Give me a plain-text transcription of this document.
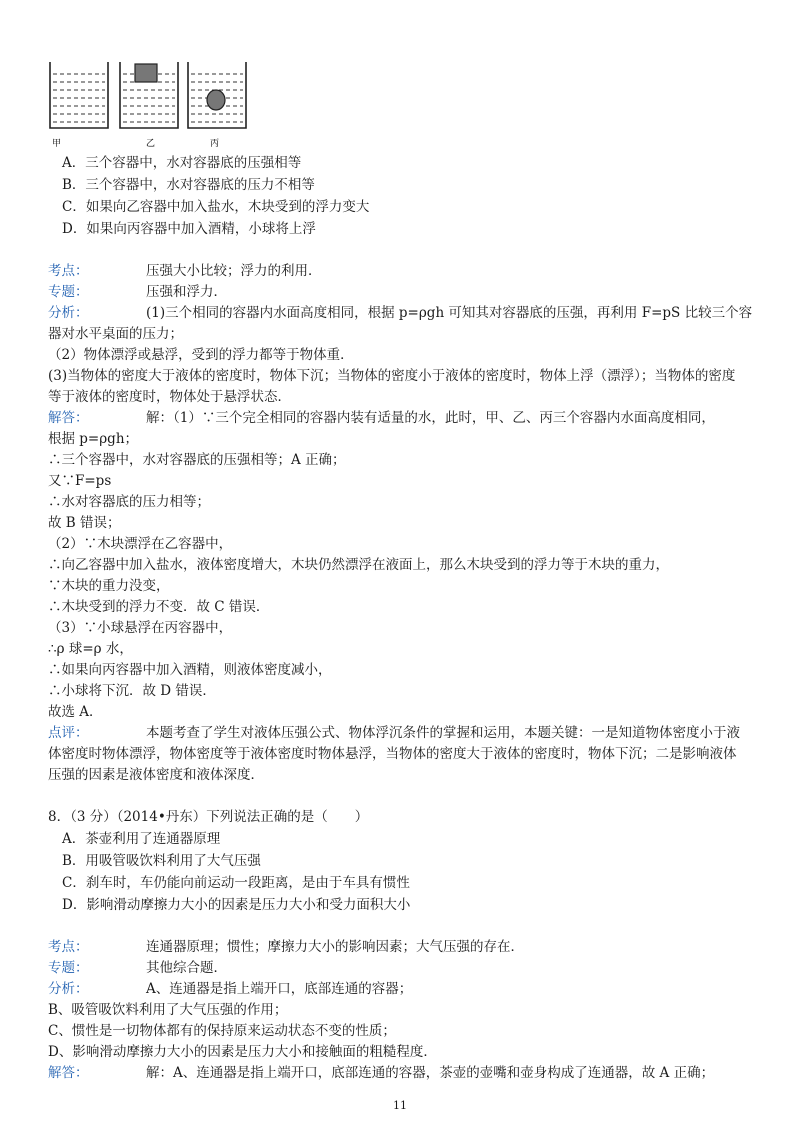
甲	乙	丙
A．三个容器中，水对容器底的压强相等
B．三个容器中，水对容器底的压力不相等
C．如果向乙容器中加入盐水，木块受到的浮力变大
D．如果向丙容器中加入酒精，小球将上浮
考点：	压强大小比较；浮力的利用．
专题：	压强和浮力．
分析：	(1)三个相同的容器内水面高度相同，根据 p=ρgh 可知其对容器底的压强，再利用 F=pS 比较三个容
器对水平桌面的压力；
（2）物体漂浮或悬浮，受到的浮力都等于物体重．
(3)当物体的密度大于液体的密度时，物体下沉；当物体的密度小于液体的密度时，物体上浮（漂浮）；当物体的密度
等于液体的密度时，物体处于悬浮状态．
解答：	解：（1）∵三个完全相同的容器内装有适量的水，此时，甲、乙、丙三个容器内水面高度相同，
根据 p=ρgh；
∴三个容器中，水对容器底的压强相等；A 正确；
又∵F=ps
∴水对容器底的压力相等；
故 B 错误；
（2）∵木块漂浮在乙容器中，
∴向乙容器中加入盐水，液体密度增大，木块仍然漂浮在液面上，那么木块受到的浮力等于木块的重力，
∵木块的重力没变，
∴木块受到的浮力不变．故 C 错误．
（3）∵小球悬浮在丙容器中，
∴ρ 球=ρ 水，
∴如果向丙容器中加入酒精，则液体密度减小，
∴小球将下沉．故 D 错误．
故选 A．
点评：	本题考查了学生对液体压强公式、物体浮沉条件的掌握和运用，本题关键：一是知道物体密度小于液
体密度时物体漂浮，物体密度等于液体密度时物体悬浮，当物体的密度大于液体的密度时，物体下沉；二是影响液体
压强的因素是液体密度和液体深度．
8．（3 分）（2014•丹东）下列说法正确的是（　　）
A．茶壶利用了连通器原理
B．用吸管吸饮料利用了大气压强
C．刹车时，车仍能向前运动一段距离，是由于车具有惯性
D．影响滑动摩擦力大小的因素是压力大小和受力面积大小
考点：	连通器原理；惯性；摩擦力大小的影响因素；大气压强的存在．
专题：	其他综合题．
分析：	A、连通器是指上端开口，底部连通的容器；
B、吸管吸饮料利用了大气压强的作用；
C、惯性是一切物体都有的保持原来运动状态不变的性质；
D、影响滑动摩擦力大小的因素是压力大小和接触面的粗糙程度．
解答：	解：A、连通器是指上端开口，底部连通的容器，茶壶的壶嘴和壶身构成了连通器，故 A 正确；
11
